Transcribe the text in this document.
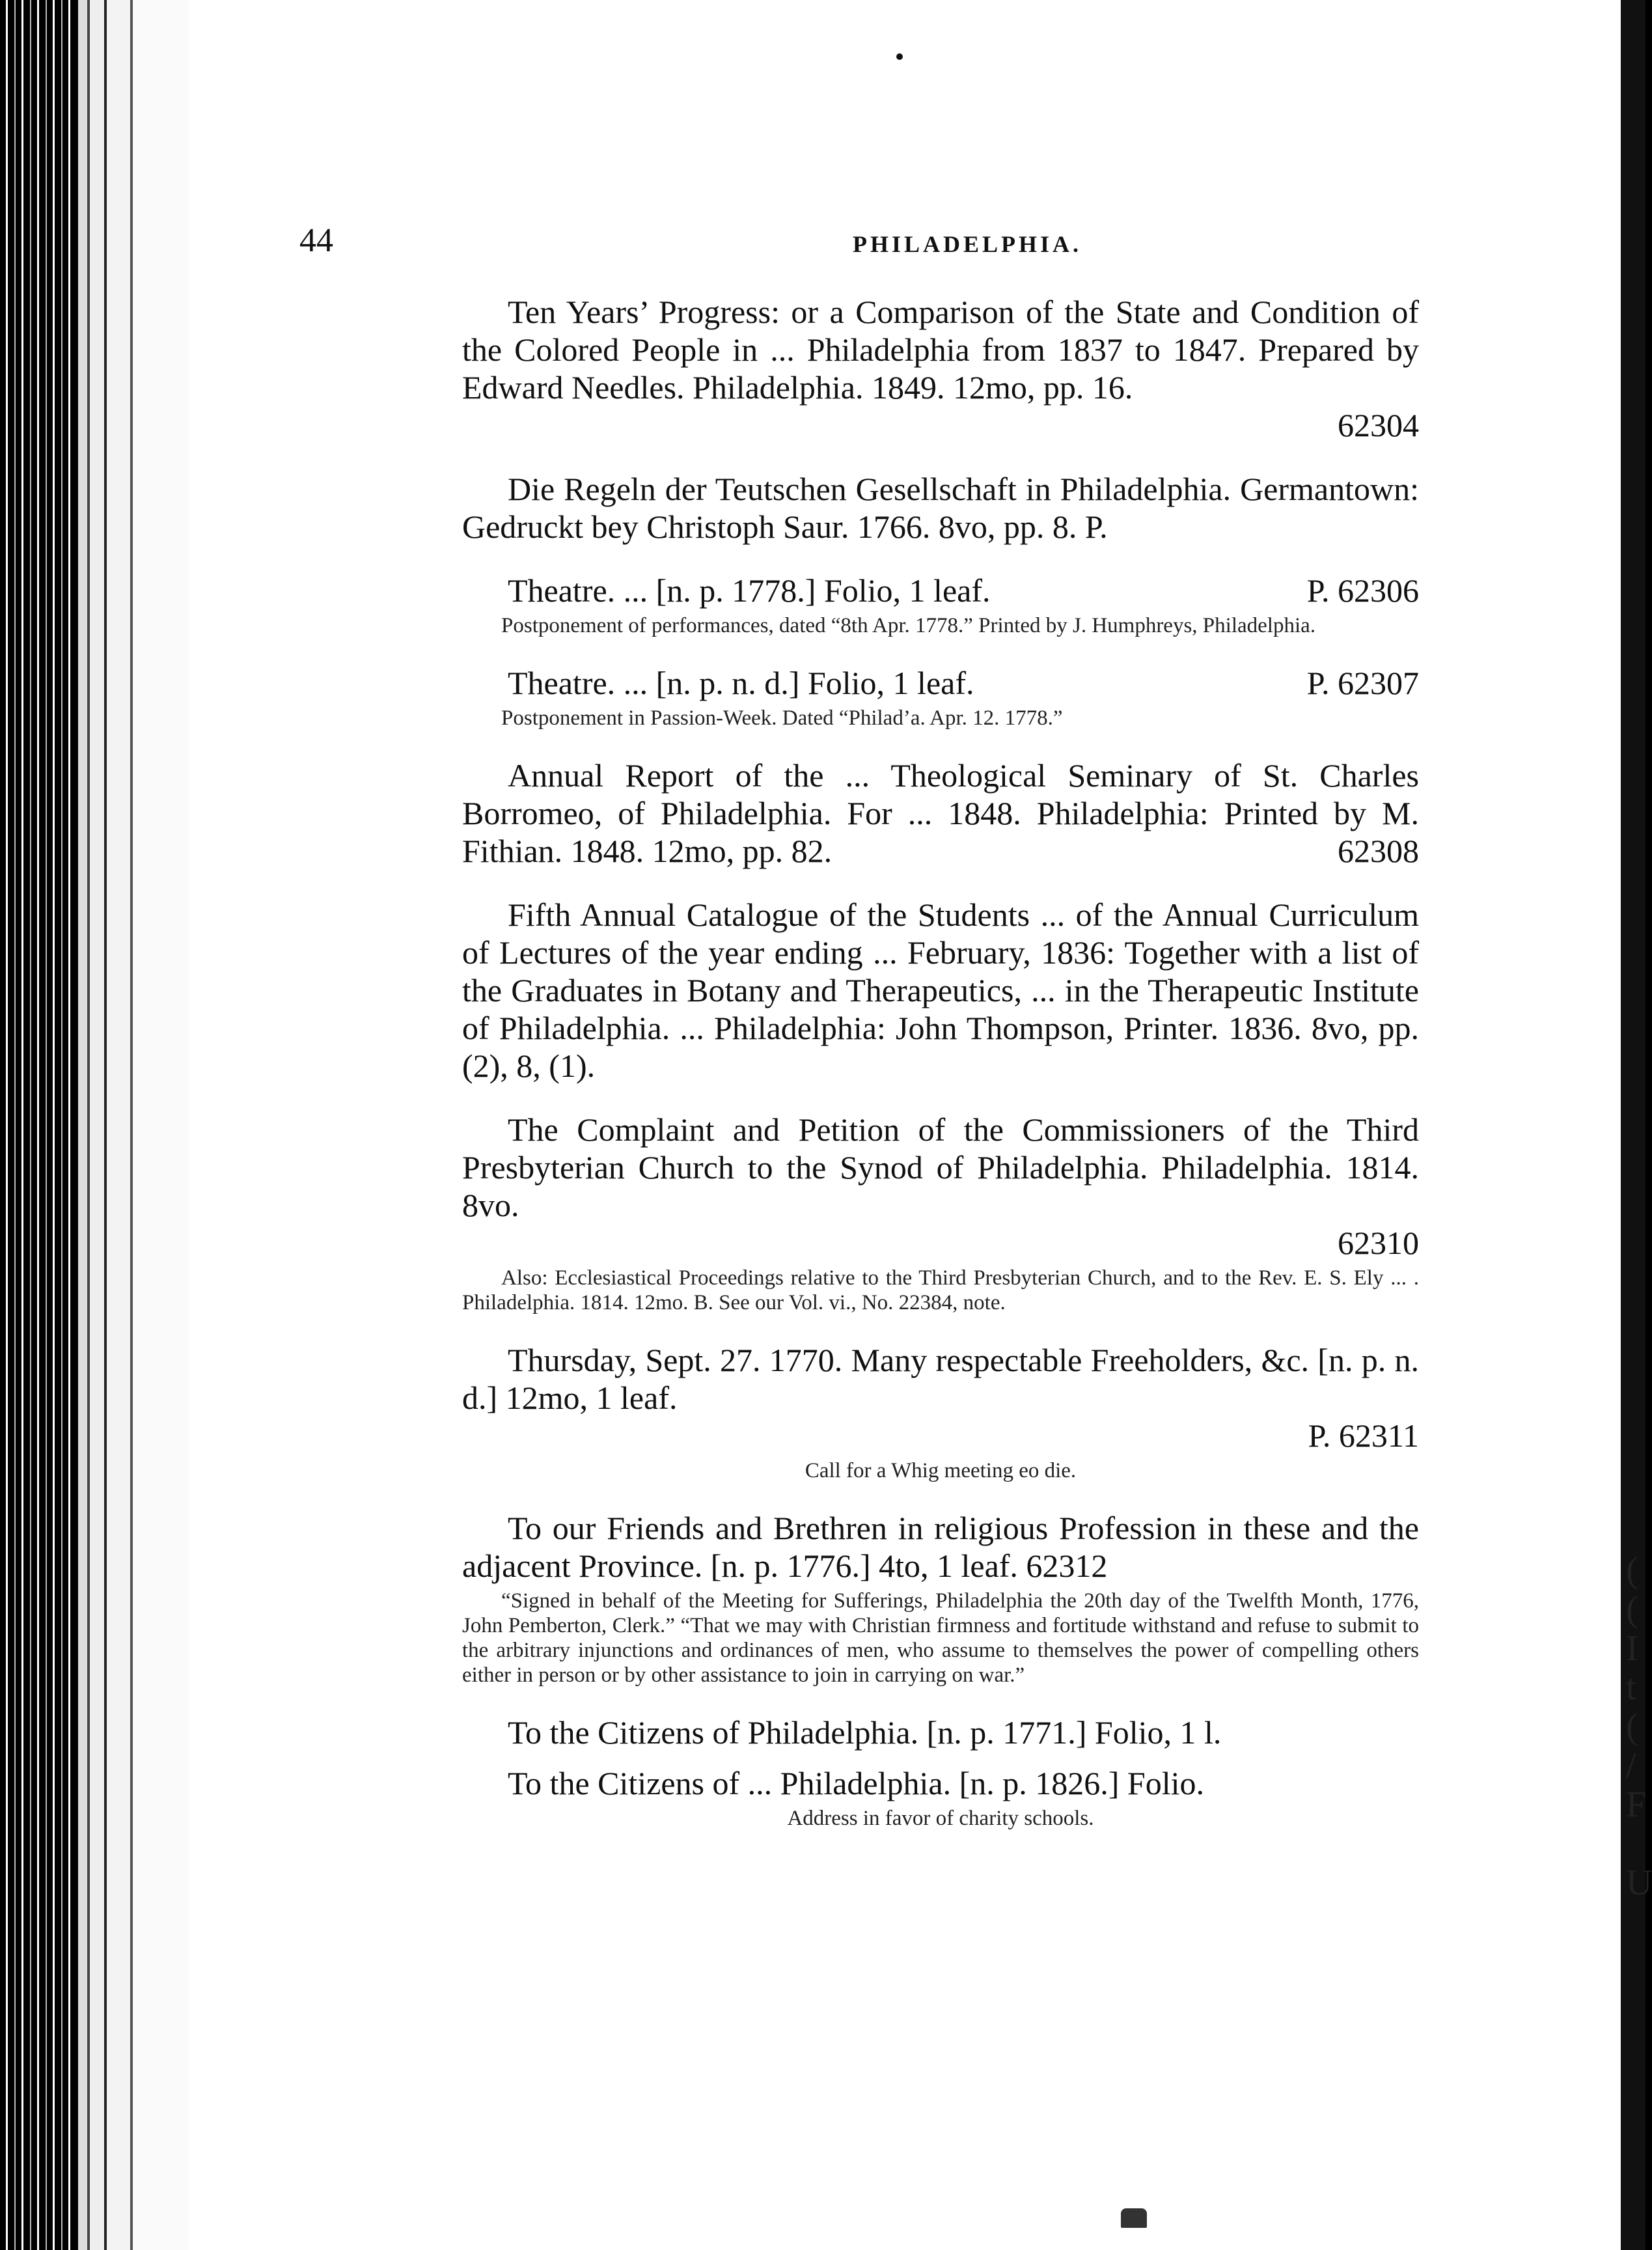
44	PHILADELPHIA.

Ten Years’ Progress: or a Comparison of the State and Condition of the Colored People in ... Philadelphia from 1837 to 1847. Prepared by Edward Needles. Philadelphia. 1849. 12mo, pp. 16.

62304

Die Regeln der Teutschen Gesellschaft in Philadelphia. Germantown: Gedruckt bey Christoph Saur. 1766. 8vo, pp. 8. P.

Theatre. ... [n. p. 1778.] Folio, 1 leaf.	P. 62306

Postponement of performances, dated “8th Apr. 1778.” Printed by J. Humphreys, Philadelphia.

Theatre. ... [n. p. n. d.] Folio, 1 leaf.	P. 62307

Postponement in Passion-Week. Dated “Philad’a. Apr. 12. 1778.”

Annual Report of the ... Theological Seminary of St. Charles Borromeo, of Philadelphia. For ... 1848. Philadelphia: Printed by M. Fithian. 1848. 12mo, pp. 82.	62308

Fifth Annual Catalogue of the Students ... of the Annual Curriculum of Lectures of the year ending ... February, 1836: Together with a list of the Graduates in Botany and Therapeutics, ... in the Therapeutic Institute of Philadelphia. ... Philadelphia: John Thompson, Printer. 1836. 8vo, pp. (2), 8, (1).

The Complaint and Petition of the Commissioners of the Third Presbyterian Church to the Synod of Philadelphia. Philadelphia. 1814. 8vo.

62310

Also: Ecclesiastical Proceedings relative to the Third Presbyterian Church, and to the Rev. E. S. Ely ... . Philadelphia. 1814. 12mo. B. See our Vol. vi., No. 22384, note.

Thursday, Sept. 27. 1770. Many respectable Freeholders, &c. [n. p. n. d.] 12mo, 1 leaf.

P. 62311

Call for a Whig meeting eo die.

To our Friends and Brethren in religious Profession in these and the adjacent Province. [n. p. 1776.] 4to, 1 leaf. 62312

“Signed in behalf of the Meeting for Sufferings, Philadelphia the 20th day of the Twelfth Month, 1776, John Pemberton, Clerk.” “That we may with Christian firmness and fortitude withstand and refuse to submit to the arbitrary injunctions and ordinances of men, who assume to themselves the power of compelling others either in person or by other assistance to join in carrying on war.”

To the Citizens of Philadelphia. [n. p. 1771.] Folio, 1 l.

To the Citizens of ... Philadelphia. [n. p. 1826.] Folio.

Address in favor of charity schools.

(
(
I
t
(
/
F
U
